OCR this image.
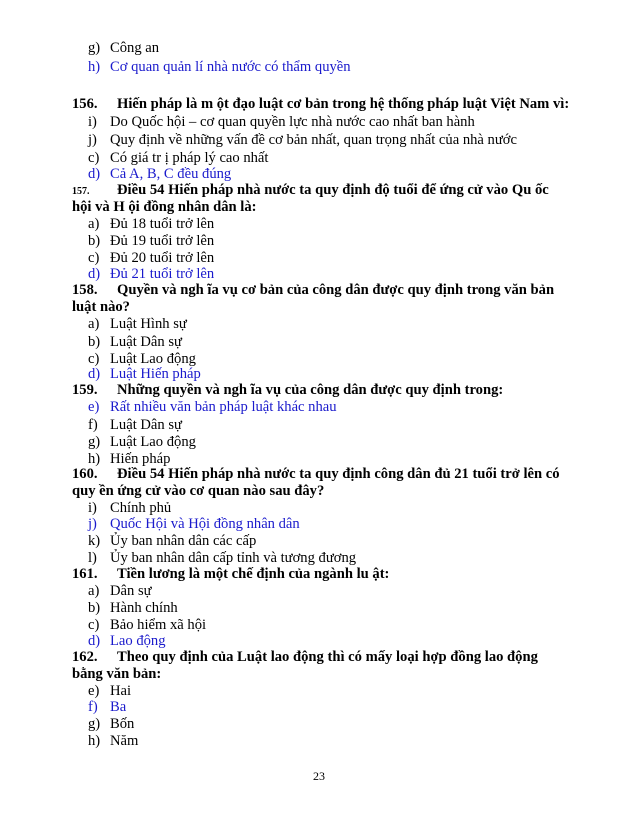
g) Công an
h) Cơ quan quản lí nhà nước có thẩm quyền
156. Hiến pháp là m ột đạo luật cơ bản trong hệ thống pháp luật Việt Nam vì:
i) Do Quốc hội – cơ quan quyền lực nhà nước cao nhất ban hành
j) Quy định về những vấn đề cơ bản nhất, quan trọng nhất của nhà nước
c) Có giá tr ị pháp lý cao nhất
d) Cả A, B, C đều đúng
157. Điều 54 Hiến pháp nhà nước ta quy định độ tuổi để ứng cử vào Qu ốc
hội và H ội đồng nhân dân là:
a) Đủ 18 tuổi trở lên
b) Đủ 19 tuổi trở lên
c) Đủ 20 tuổi trở lên
d) Đủ 21 tuổi trở lên
158. Quyền và ngh ĩa vụ cơ bản của công dân được quy định trong văn bản
luật nào?
a) Luật Hình sự
b) Luật Dân sự
c) Luật Lao động
d) Luật Hiến pháp
159. Những quyền và ngh ĩa vụ của công dân được quy định trong:
e) Rất nhiều văn bản pháp luật khác nhau
f) Luật Dân sự
g) Luật Lao động
h) Hiến pháp
160. Điều 54 Hiến pháp nhà nước ta quy định công dân đủ 21 tuổi trở lên có
quy ền ứng cử vào cơ quan nào sau đây?
i) Chính phủ
j) Quốc Hội và Hội đồng nhân dân
k) Ủy ban nhân dân các cấp
l) Ủy ban nhân dân cấp tỉnh và tương đương
161. Tiền lương là một chế định của ngành lu ật:
a) Dân sự
b) Hành chính
c) Bảo hiểm xã hội
d) Lao động
162. Theo quy định của Luật lao động thì có mấy loại hợp đồng lao động
bằng văn bản:
e) Hai
f) Ba
g) Bốn
h) Năm
23
